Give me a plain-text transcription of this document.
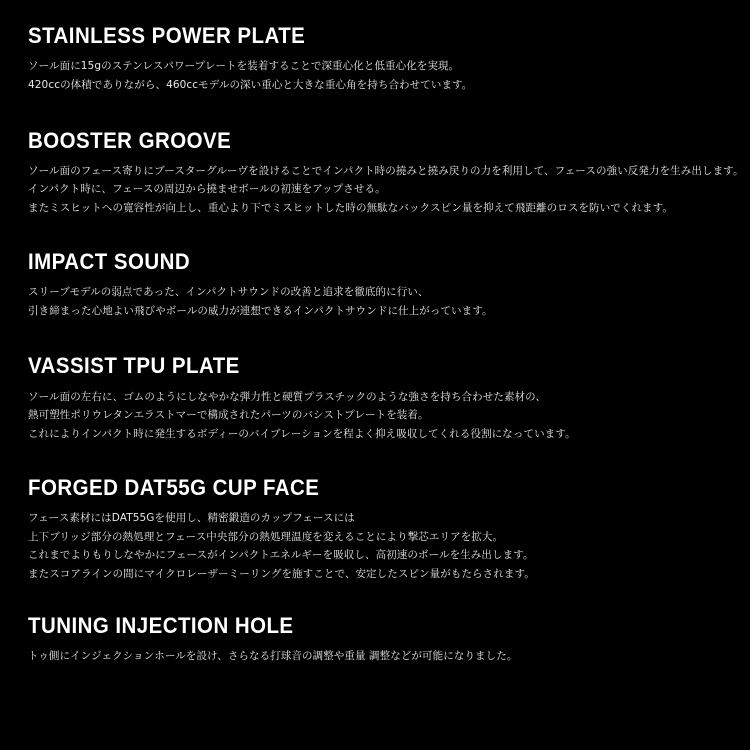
STAINLESS POWER PLATE

ソール面に15gのステンレスパワープレートを装着することで深重心化と低重心化を実現。
420ccの体積でありながら、460ccモデルの深い重心と大きな重心角を持ち合わせています。

BOOSTER GROOVE

ソール面のフェース寄りにブースターグルーヴを設けることでインパクト時の撓みと撓み戻りの力を利用して、フェースの強い反発力を生み出します。
インパクト時に、フェースの周辺から撓ませボールの初速をアップさせる。
またミスヒットへの寛容性が向上し、重心より下でミスヒットした時の無駄なバックスピン量を抑えて飛距離のロスを防いでくれます。

IMPACT SOUND

スリーブモデルの弱点であった、インパクトサウンドの改善と追求を徹底的に行い、
引き締まった心地よい飛びやボールの威力が連想できるインパクトサウンドに仕上がっています。

VASSIST TPU PLATE

ソール面の左右に、ゴムのようにしなやかな弾力性と硬質プラスチックのような強さを持ち合わせた素材の、
熱可塑性ポリウレタンエラストマーで構成されたパーツのバシストプレートを装着。
これによりインパクト時に発生するボディーのバイブレーションを程よく抑え吸収してくれる役割になっています。

FORGED DAT55G CUP FACE

フェース素材にはDAT55Gを使用し、精密鍛造のカップフェースには
上下ブリッジ部分の熱処理とフェース中央部分の熱処理温度を変えることにより撃芯エリアを拡大。
これまでよりもりしなやかにフェースがインパクトエネルギーを吸収し、高初速のボールを生み出します。
またスコアラインの間にマイクロレーザーミーリングを施すことで、安定したスピン量がもたらされます。

TUNING INJECTION HOLE

トゥ側にインジェクションホールを設け、さらなる打球音の調整や重量 調整などが可能になりました。
